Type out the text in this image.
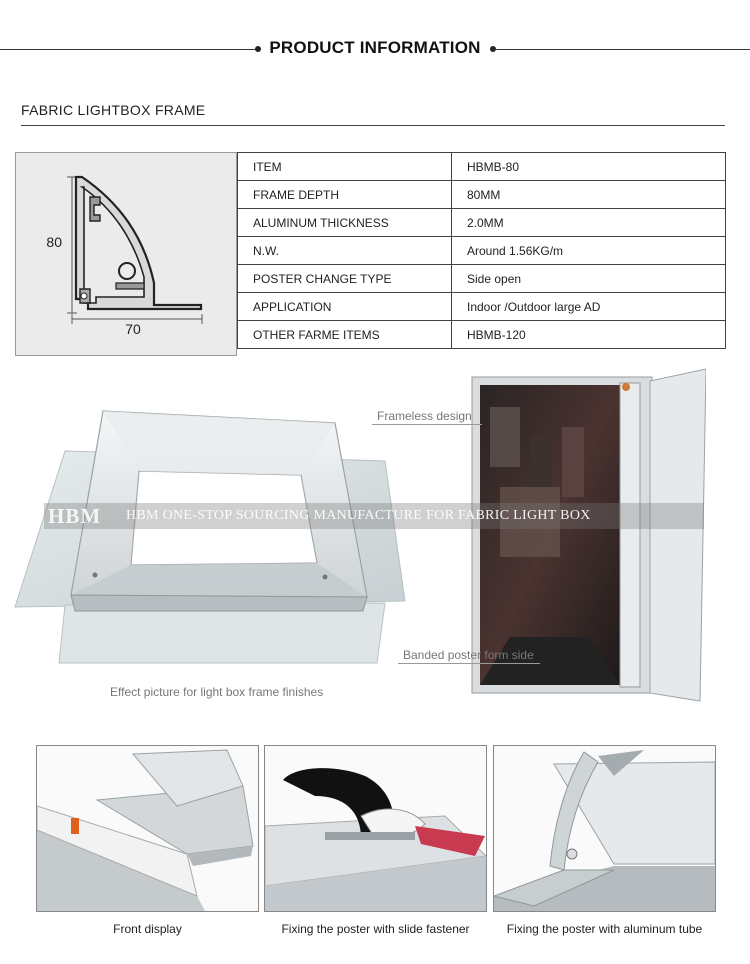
PRODUCT INFORMATION
FABRIC LIGHTBOX FRAME
80
70
ITEM	HBMB-80
FRAME DEPTH	80MM
ALUMINUM THICKNESS	2.0MM
N.W.	Around 1.56KG/m
POSTER CHANGE TYPE	Side open
APPLICATION	Indoor /Outdoor large AD
OTHER FARME ITEMS	HBMB-120
Frameless design
Banded poster form side
Effect picture for light box frame finishes
HBM HBM ONE-STOP SOURCING MANUFACTURE FOR FABRIC LIGHT BOX
Front display	Fixing the poster with slide fastener	Fixing the poster with aluminum tube
